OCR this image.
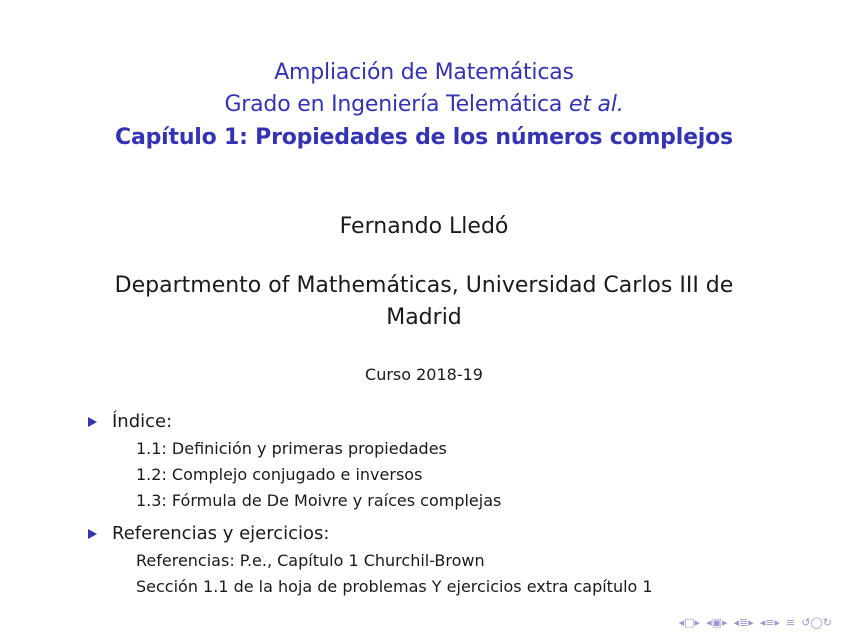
Ampliación de Matemáticas
Grado en Ingeniería Telemática et al.
Capítulo 1: Propiedades de los números complejos
Fernando Lledó
Departmento of Mathemáticas, Universidad Carlos III de Madrid
Curso 2018-19
Índice:
1.1: Definición y primeras propiedades
1.2: Complejo conjugado e inversos
1.3: Fórmula de De Moivre y raíces complejas
Referencias y ejercicios:
Referencias: P.e., Capítulo 1 Churchil-Brown
Sección 1.1 de la hoja de problemas Y ejercicios extra capítulo 1
◂□▸ ◂▣▸ ◂≣▸ ◂≡▸ ≡ ↺◯↻
